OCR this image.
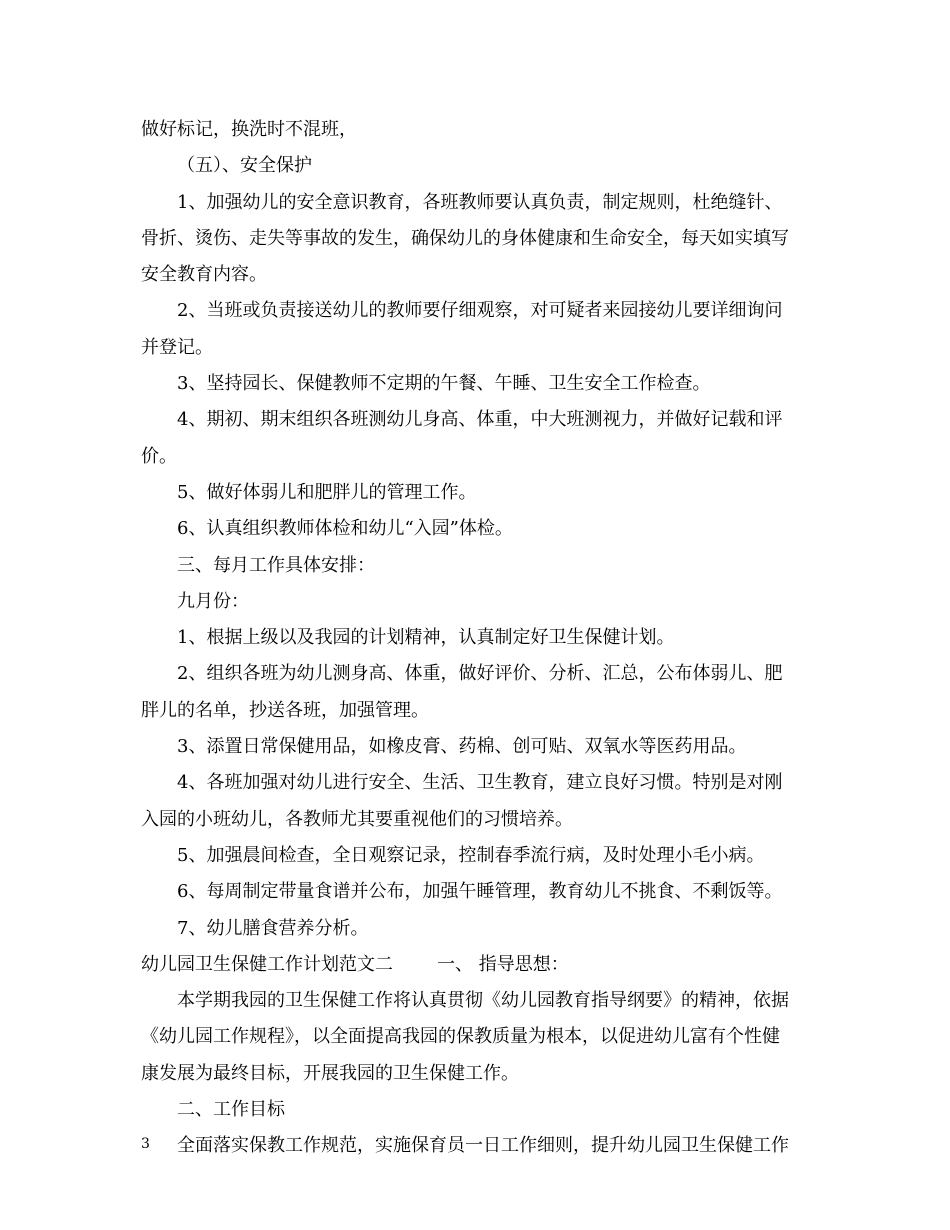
做好标记，换洗时不混班，
（五）、安全保护
1、加强幼儿的安全意识教育，各班教师要认真负责，制定规则，杜绝缝针、
骨折、烫伤、走失等事故的发生，确保幼儿的身体健康和生命安全，每天如实填写
安全教育内容。
2、当班或负责接送幼儿的教师要仔细观察，对可疑者来园接幼儿要详细询问
并登记。
3、坚持园长、保健教师不定期的午餐、午睡、卫生安全工作检查。
4、期初、期末组织各班测幼儿身高、体重，中大班测视力，并做好记载和评
价。
5、做好体弱儿和肥胖儿的管理工作。
6、认真组织教师体检和幼儿“入园”体检。
三、每月工作具体安排：
九月份：
1、根据上级以及我园的计划精神，认真制定好卫生保健计划。
2、组织各班为幼儿测身高、体重，做好评价、分析、汇总，公布体弱儿、肥
胖儿的名单，抄送各班，加强管理。
3、添置日常保健用品，如橡皮膏、药棉、创可贴、双氧水等医药用品。
4、各班加强对幼儿进行安全、生活、卫生教育，建立良好习惯。特别是对刚
入园的小班幼儿，各教师尤其要重视他们的习惯培养。
5、加强晨间检查，全日观察记录，控制春季流行病，及时处理小毛小病。
6、每周制定带量食谱并公布，加强午睡管理，教育幼儿不挑食、不剩饭等。
7、幼儿膳食营养分析。
幼儿园卫生保健工作计划范文二 一、 指导思想：
本学期我园的卫生保健工作将认真贯彻《幼儿园教育指导纲要》的精神，依据
《幼儿园工作规程》，以全面提高我园的保教质量为根本，以促进幼儿富有个性健
康发展为最终目标，开展我园的卫生保健工作。
二、工作目标
全面落实保教工作规范，实施保育员一日工作细则，提升幼儿园卫生保健工作
3
